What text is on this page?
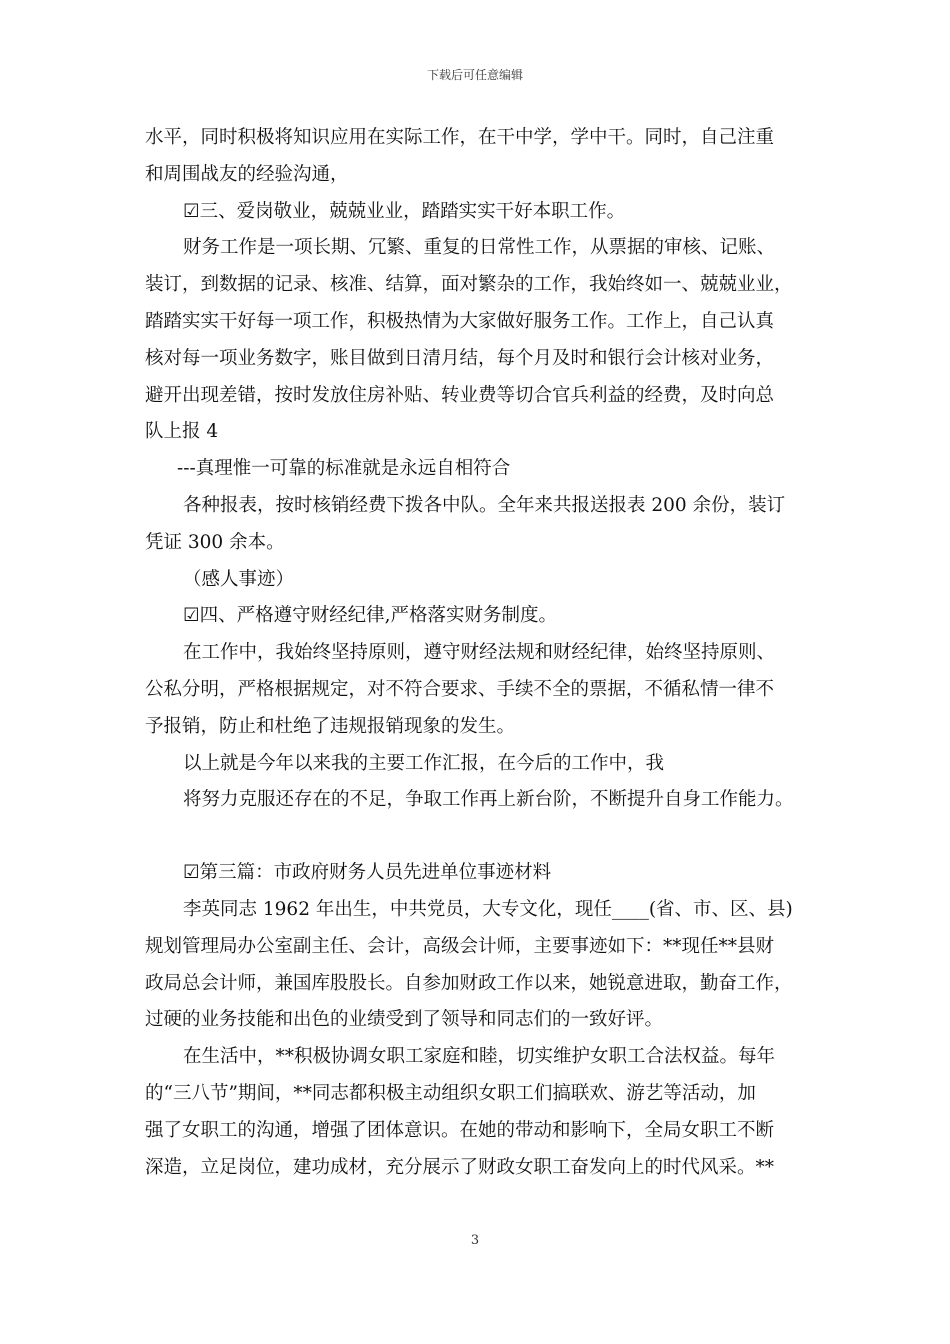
下载后可任意编辑
水平，同时积极将知识应用在实际工作，在干中学，学中干。同时，自己注重
和周围战友的经验沟通，
☑三、爱岗敬业，兢兢业业，踏踏实实干好本职工作。
财务工作是一项长期、冗繁、重复的日常性工作，从票据的审核、记账、
装订，到数据的记录、核准、结算，面对繁杂的工作，我始终如一、兢兢业业，
踏踏实实干好每一项工作，积极热情为大家做好服务工作。工作上，自己认真
核对每一项业务数字，账目做到日清月结，每个月及时和银行会计核对业务，
避开出现差错，按时发放住房补贴、转业费等切合官兵利益的经费，及时向总
队上报 4
---真理惟一可靠的标准就是永远自相符合
各种报表，按时核销经费下拨各中队。全年来共报送报表 200 余份，装订
凭证 300 余本。
（感人事迹）
☑四、严格遵守财经纪律,严格落实财务制度。
在工作中，我始终坚持原则，遵守财经法规和财经纪律，始终坚持原则、
公私分明，严格根据规定，对不符合要求、手续不全的票据，不循私情一律不
予报销，防止和杜绝了违规报销现象的发生。
以上就是今年以来我的主要工作汇报，在今后的工作中，我
将努力克服还存在的不足，争取工作再上新台阶，不断提升自身工作能力。
☑第三篇：市政府财务人员先进单位事迹材料
李英同志 1962 年出生，中共党员，大专文化，现任____(省、市、区、县)
规划管理局办公室副主任、会计，高级会计师，主要事迹如下：**现任**县财
政局总会计师，兼国库股股长。自参加财政工作以来，她锐意进取，勤奋工作，
过硬的业务技能和出色的业绩受到了领导和同志们的一致好评。
在生活中，**积极协调女职工家庭和睦，切实维护女职工合法权益。每年
的“三八节”期间，**同志都积极主动组织女职工们搞联欢、游艺等活动，加
强了女职工的沟通，增强了团体意识。在她的带动和影响下，全局女职工不断
深造，立足岗位，建功成材，充分展示了财政女职工奋发向上的时代风采。**
3
